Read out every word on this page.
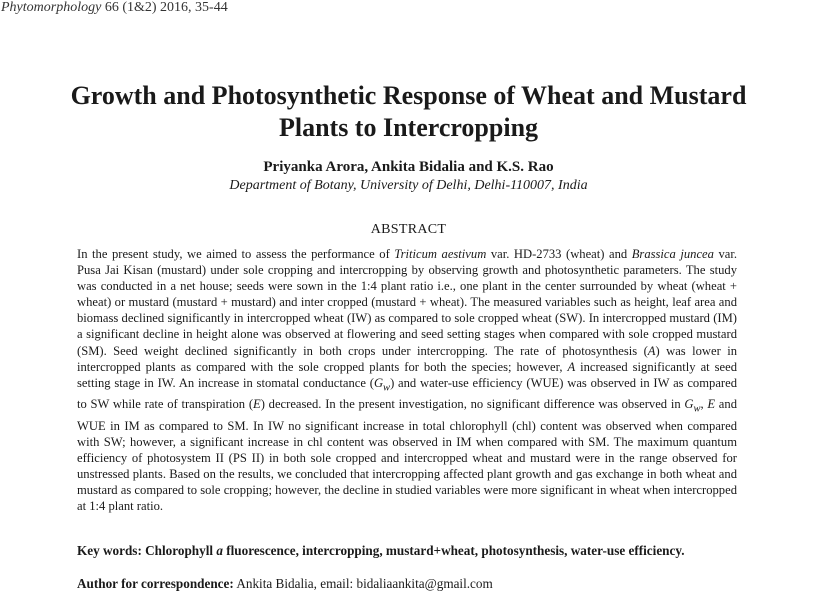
Phytomorphology 66 (1&2) 2016, 35-44
Growth and Photosynthetic Response of Wheat and Mustard
Plants to Intercropping
Priyanka Arora, Ankita Bidalia and K.S. Rao
Department of Botany, University of Delhi, Delhi-110007, India
ABSTRACT

In the present study, we aimed to assess the performance of Triticum aestivum var. HD-2733 (wheat) and Brassica juncea var. Pusa Jai Kisan (mustard) under sole cropping and intercropping by observing growth and photosynthetic parameters. The study was conducted in a net house; seeds were sown in the 1:4 plant ratio i.e., one plant in the center surrounded by wheat (wheat + wheat) or mustard (mustard + mustard) and inter cropped (mustard + wheat). The measured variables such as height, leaf area and biomass declined significantly in intercropped wheat (IW) as compared to sole cropped wheat (SW). In intercropped mustard (IM) a significant decline in height alone was observed at flowering and seed setting stages when compared with sole cropped mustard (SM). Seed weight declined significantly in both crops under intercropping. The rate of photosynthesis (A) was lower in intercropped plants as compared with the sole cropped plants for both the species; however, A increased significantly at seed setting stage in IW. An increase in stomatal conductance $(G_w)$ and water-use efficiency (WUE) was observed in IW as compared to SW while rate of transpiration (E) decreased. In the present investigation, no significant difference was observed in $G_w$, E and WUE in IM as compared to SM. In IW no significant increase in total chlorophyll (chl) content was observed when compared with SW; however, a significant increase in chl content was observed in IM when compared with SM. The maximum quantum efficiency of photosystem II (PS II) in both sole cropped and intercropped wheat and mustard were in the range observed for unstressed plants. Based on the results, we concluded that intercropping affected plant growth and gas exchange in both wheat and mustard as compared to sole cropping; however, the decline in studied variables were more significant in wheat when intercropped at 1:4 plant ratio.

Key words: Chlorophyll a fluorescence, intercropping, mustard+wheat, photosynthesis, water-use efficiency.
Author for correspondence: Ankita Bidalia, email: bidaliaankita@gmail.com
